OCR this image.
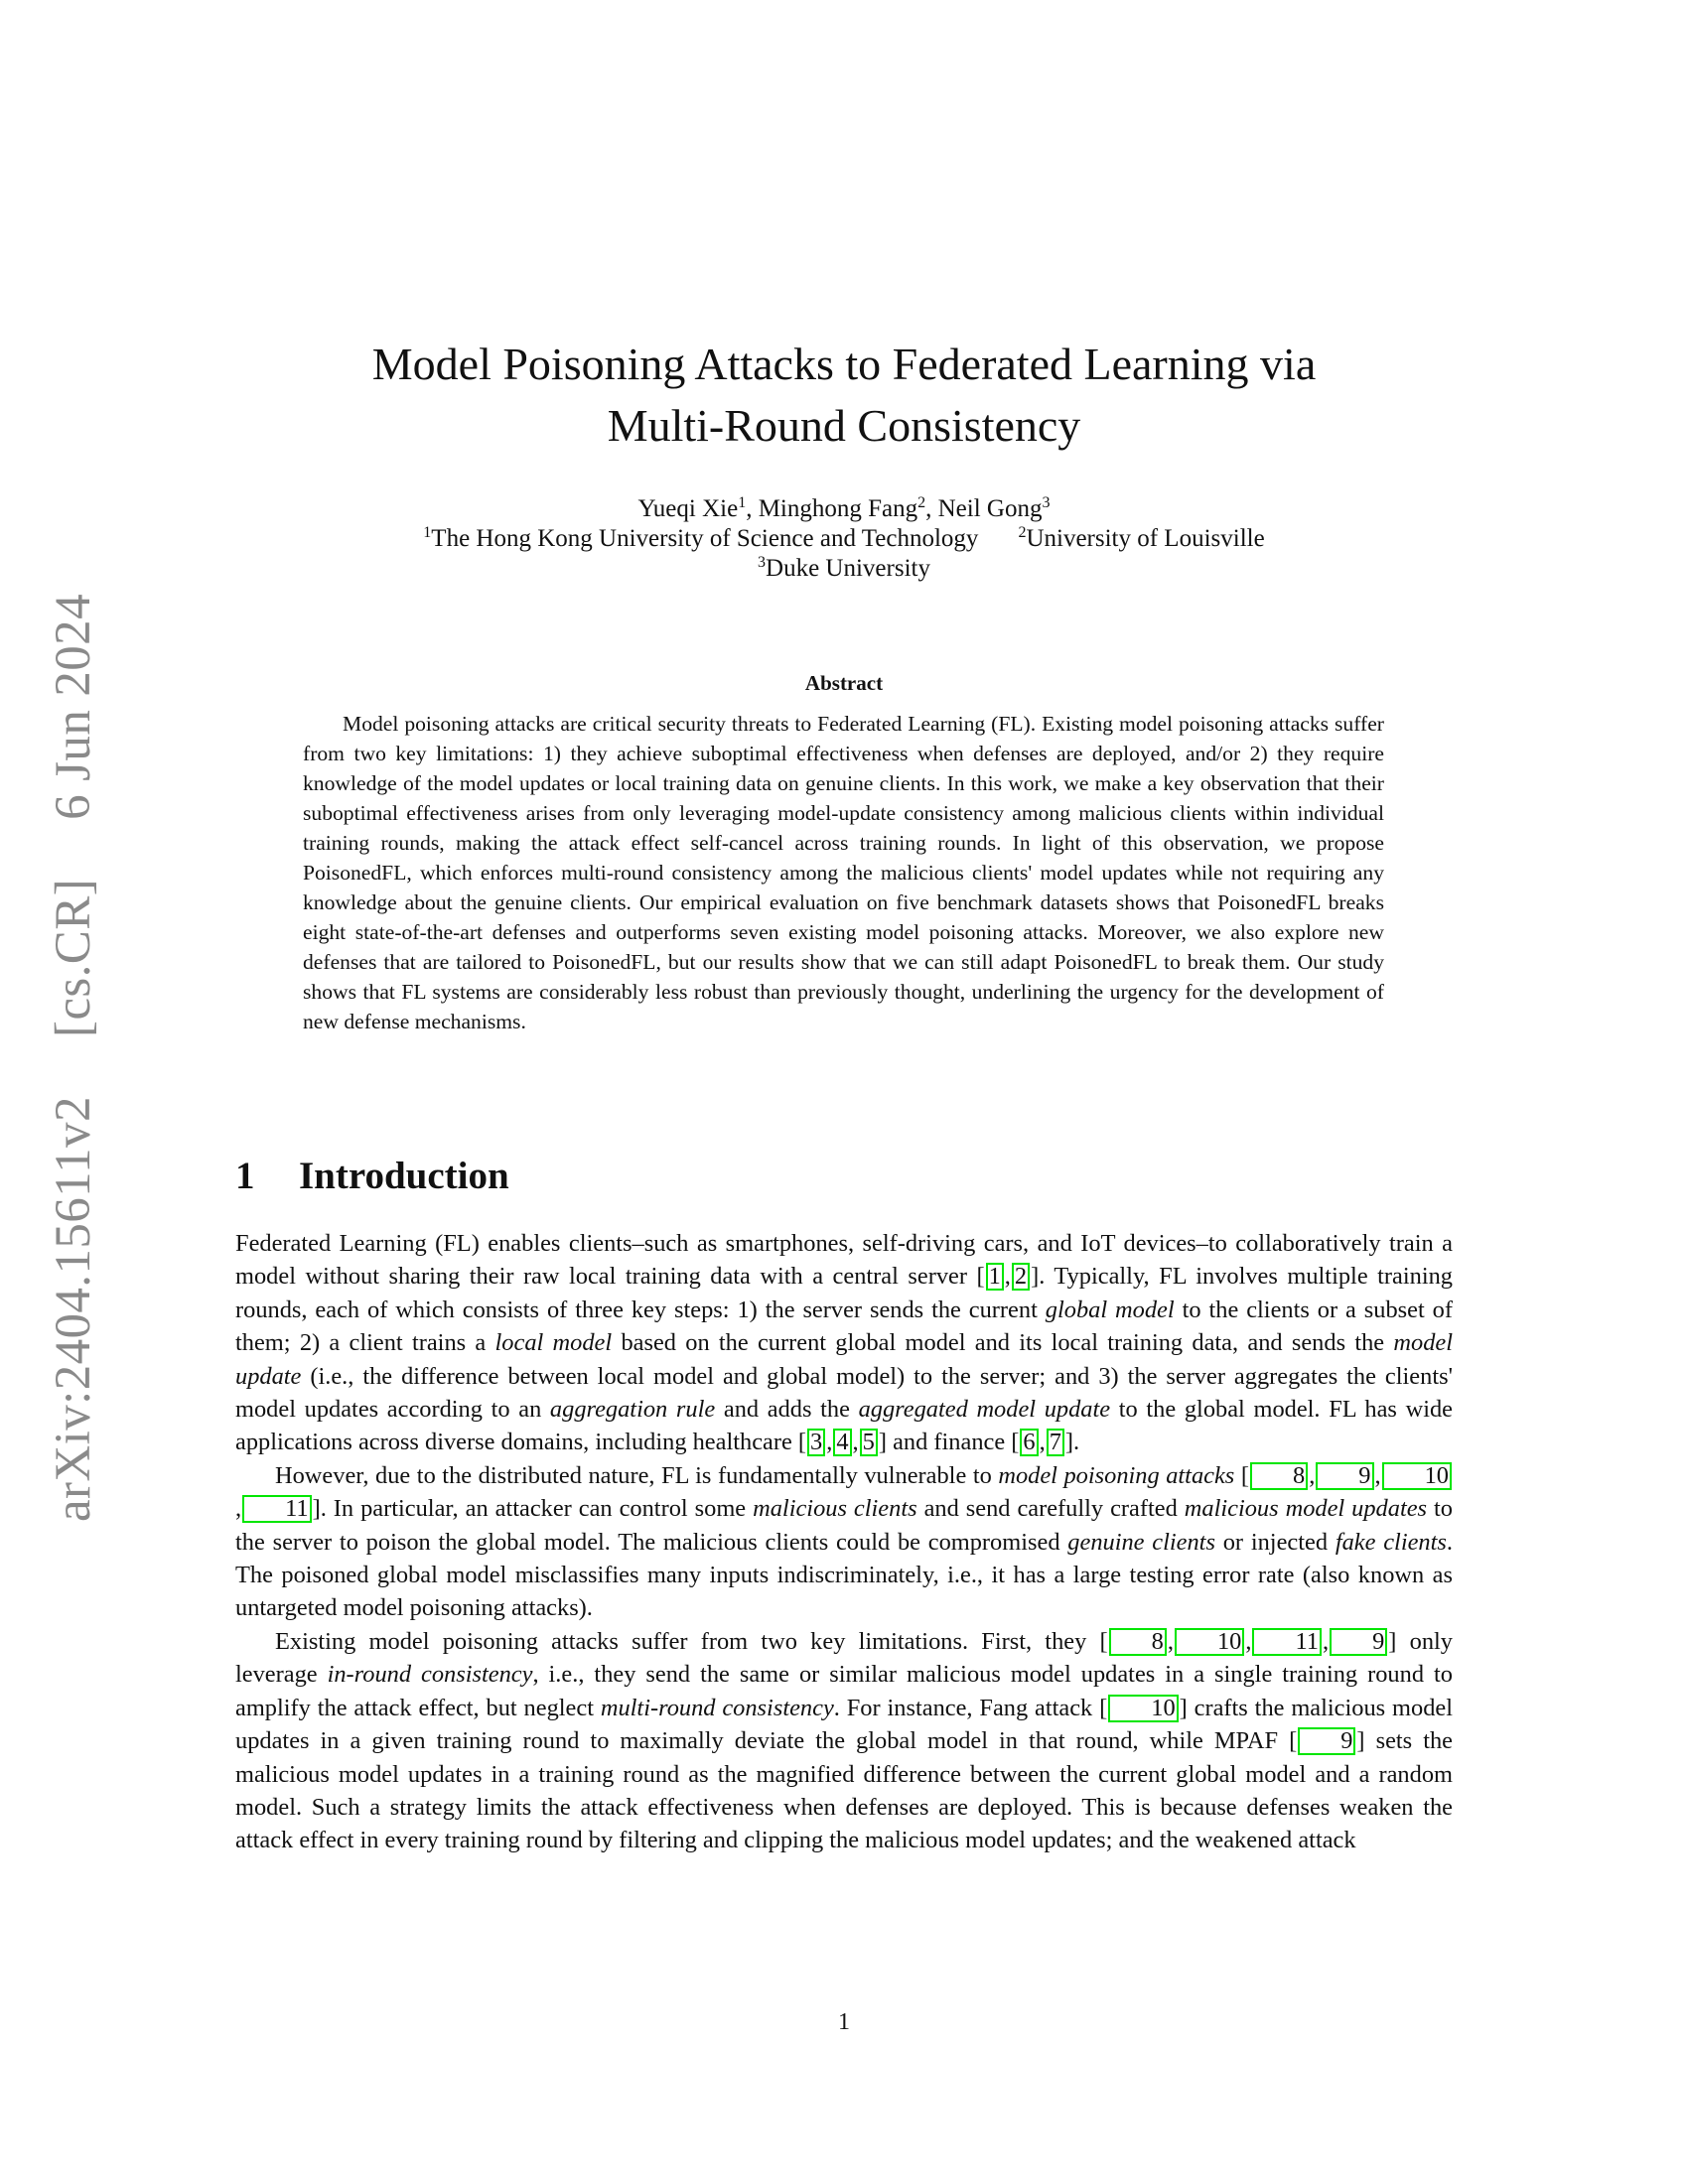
arXiv:2404.15611v2
[cs.CR]
6 Jun 2024
Model Poisoning Attacks to Federated Learning via
Multi-Round Consistency
Yueqi Xie$^1$, Minghong Fang$^2$, Neil Gong$^3$
$^1$The Hong Kong University of Science and Technology	$^2$University of Louisville
$^3$Duke University
Abstract

Model poisoning attacks are critical security threats to Federated Learning (FL). Existing model poisoning attacks suffer from two key limitations: 1) they achieve suboptimal effectiveness when defenses are deployed, and/or 2) they require knowledge of the model updates or local training data on genuine clients. In this work, we make a key observation that their suboptimal effectiveness arises from only leveraging model-update consistency among malicious clients within individual training rounds, making the attack effect self-cancel across training rounds. In light of this observation, we propose PoisonedFL, which enforces multi-round consistency among the malicious clients' model updates while not requiring any knowledge about the genuine clients. Our empirical evaluation on five benchmark datasets shows that PoisonedFL breaks eight state-of-the-art defenses and outperforms seven existing model poisoning attacks. Moreover, we also explore new defenses that are tailored to PoisonedFL, but our results show that we can still adapt PoisonedFL to break them. Our study shows that FL systems are considerably less robust than previously thought, underlining the urgency for the development of new defense mechanisms.

1 Introduction

Federated Learning (FL) enables clients–such as smartphones, self-driving cars, and IoT devices–to collaboratively train a model without sharing their raw local training data with a central server [ 1 , 2 ]. Typically, FL involves multiple training rounds, each of which consists of three key steps: 1) the server sends the current global model to the clients or a subset of them; 2) a client trains a local model based on the current global model and its local training data, and sends the model update (i.e., the difference between local model and global model) to the server; and 3) the server aggregates the clients' model updates according to an aggregation rule and adds the aggregated model update to the global model. FL has wide applications across diverse domains, including healthcare [ 3 , 4 , 5 ] and finance [ 6 , 7 ].

However, due to the distributed nature, FL is fundamentally vulnerable to model poisoning attacks [ 8 , 9 , 10, 11 ]. In particular, an attacker can control some malicious clients and send carefully crafted malicious model updates to the server to poison the global model. The malicious clients could be compromised genuine clients or injected fake clients. The poisoned global model misclassifies many inputs indiscriminately, i.e., it has a large testing error rate (also known as untargeted model poisoning attacks).

Existing model poisoning attacks suffer from two key limitations. First, they [ 8 , 10 , 11 , 9 ] only leverage in-round consistency, i.e., they send the same or similar malicious model updates in a single training round to amplify the attack effect, but neglect multi-round consistency. For instance, Fang attack [ 10 ] crafts the malicious model updates in a given training round to maximally deviate the global model in that round, while MPAF [ 9 ] sets the malicious model updates in a training round as the magnified difference between the current global model and a random model. Such a strategy limits the attack effectiveness when defenses are deployed. This is because defenses weaken the attack effect in every training round by filtering and clipping the malicious model updates; and the weakened attack

1
